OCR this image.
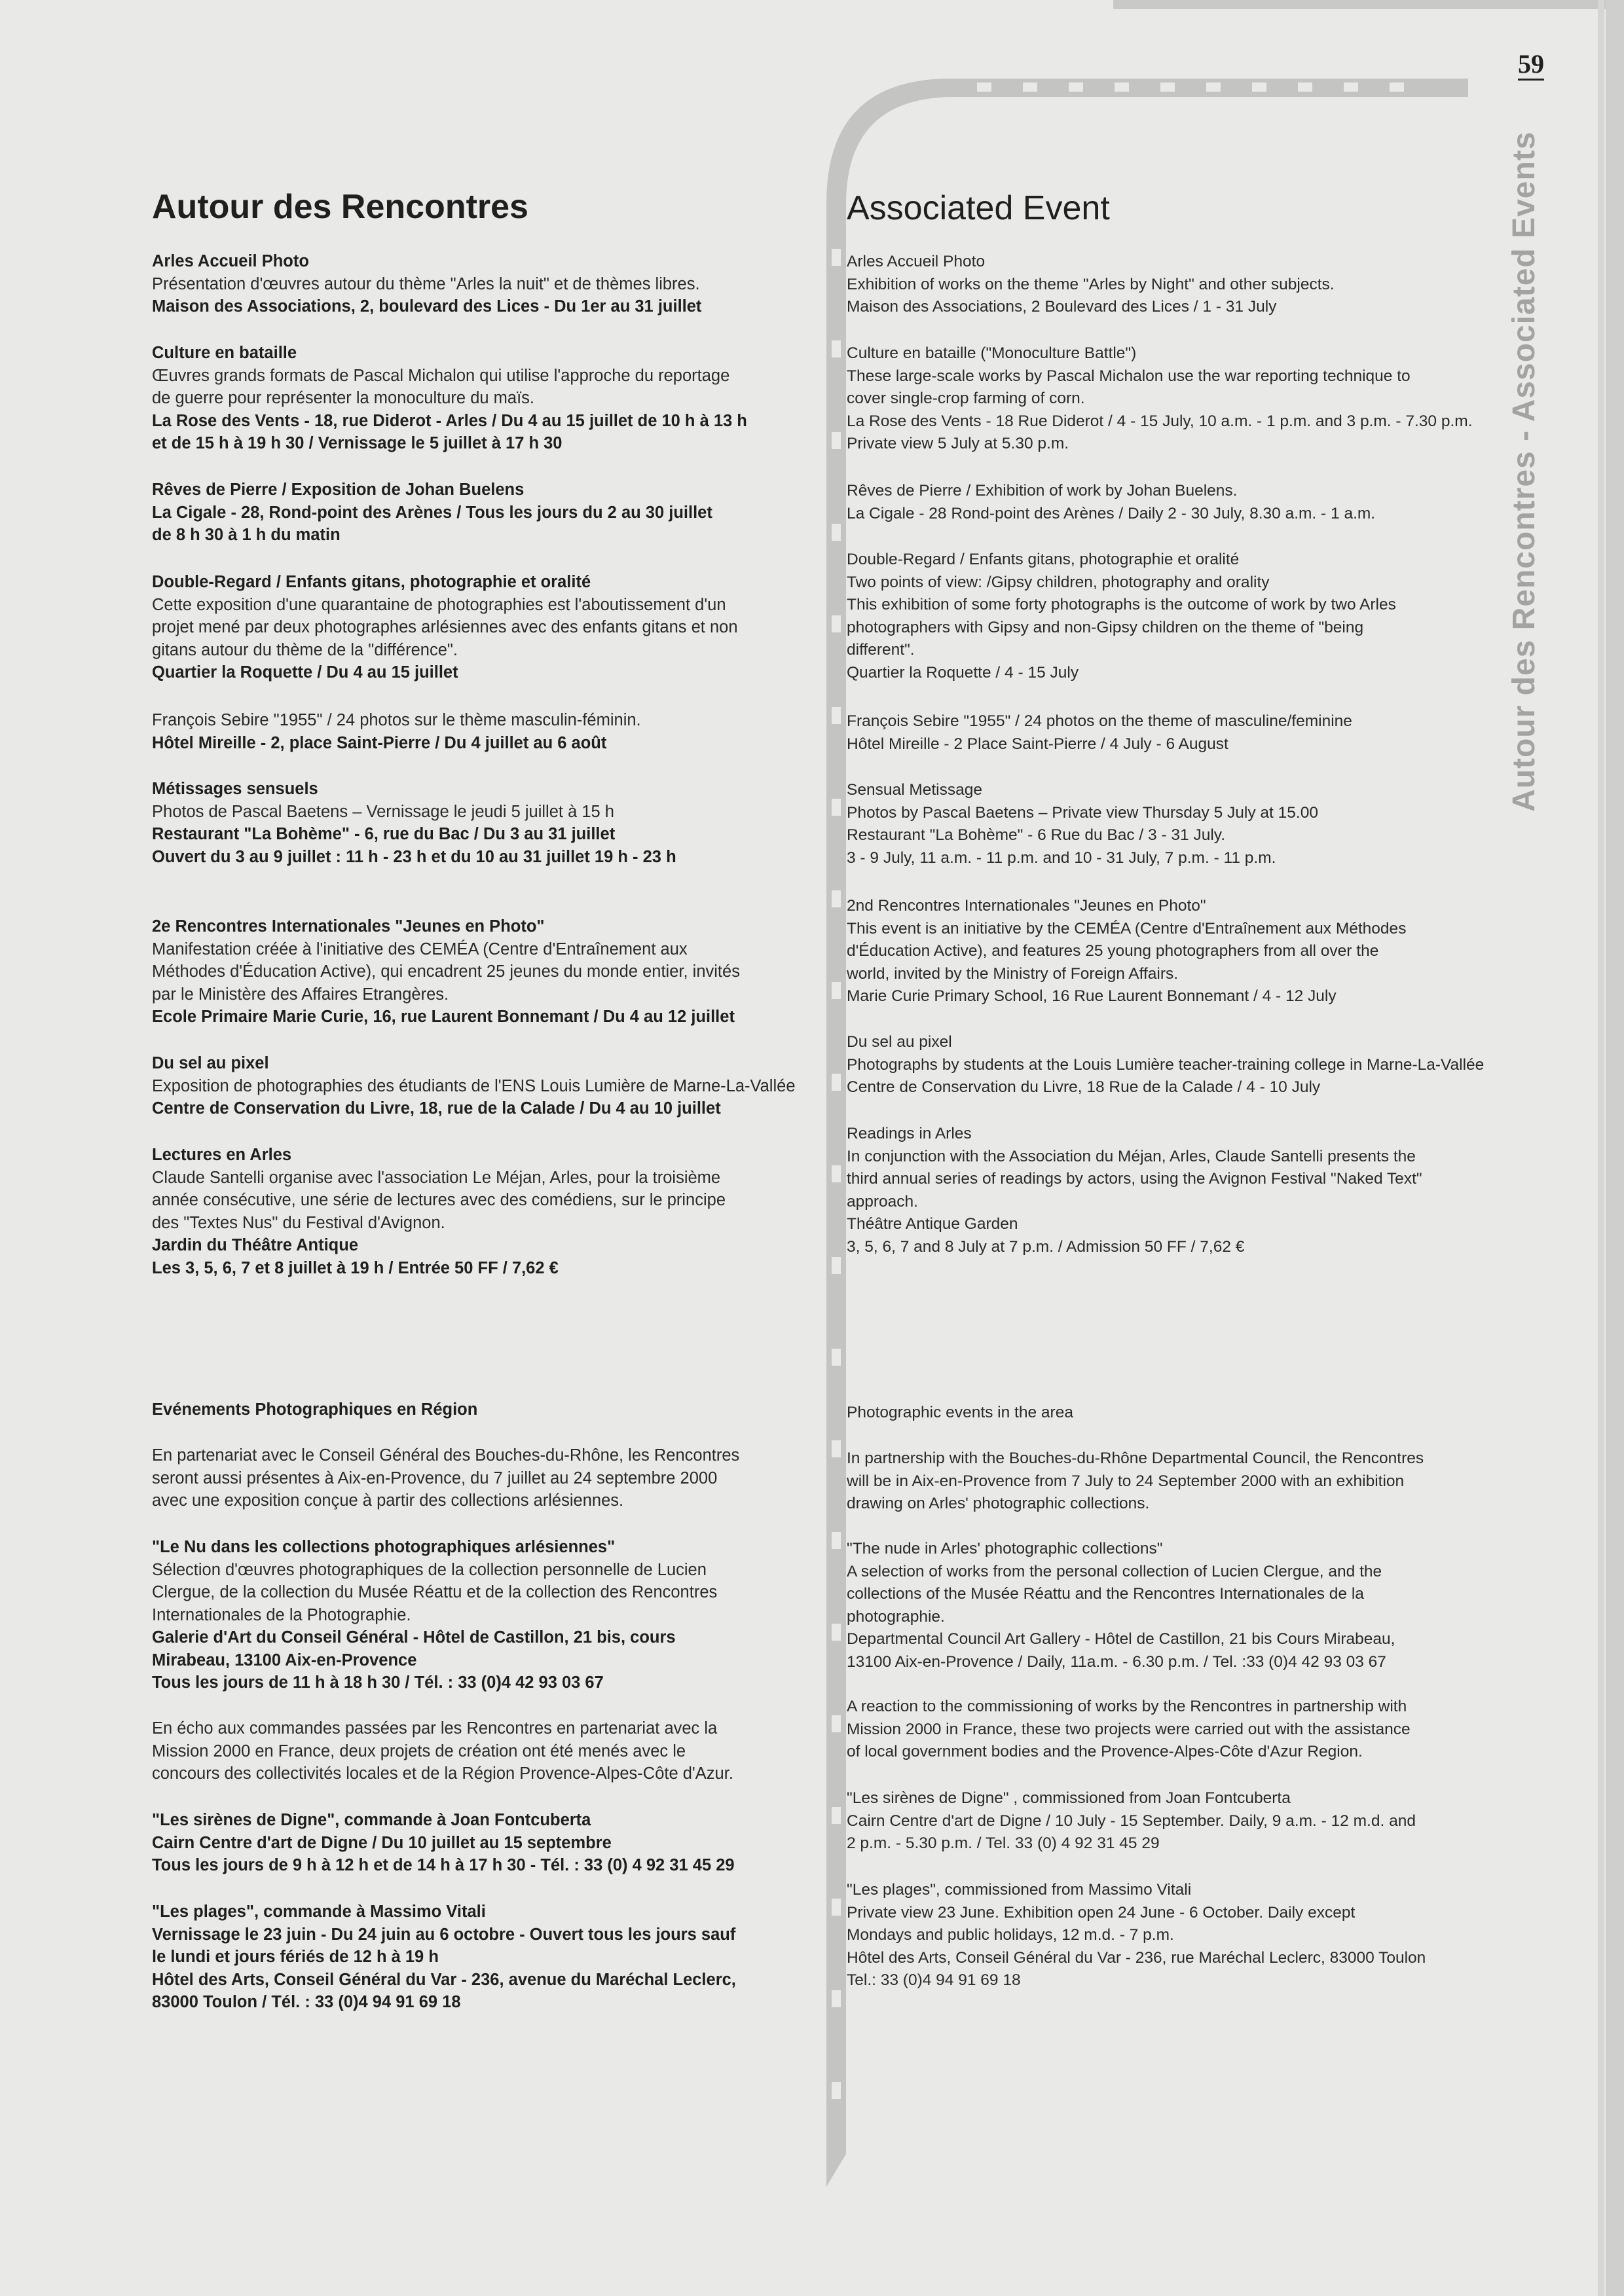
59
Autour des Rencontres - Associated Events
Autour des Rencontres
Arles Accueil Photo
Présentation d'œuvres autour du thème "Arles la nuit" et de thèmes libres.
Maison des Associations, 2, boulevard des Lices - Du 1er au 31 juillet
Culture en bataille
Œuvres grands formats de Pascal Michalon qui utilise l'approche du reportage
de guerre pour représenter la monoculture du maïs.
La Rose des Vents - 18, rue Diderot - Arles / Du 4 au 15 juillet de 10 h à 13 h
et de 15 h à 19 h 30 / Vernissage le 5 juillet à 17 h 30
Rêves de Pierre / Exposition de Johan Buelens
La Cigale - 28, Rond-point des Arènes / Tous les jours du 2 au 30 juillet
de 8 h 30 à 1 h du matin
Double-Regard / Enfants gitans, photographie et oralité
Cette exposition d'une quarantaine de photographies est l'aboutissement d'un
projet mené par deux photographes arlésiennes avec des enfants gitans et non
gitans autour du thème de la "différence".
Quartier la Roquette / Du 4 au 15 juillet
François Sebire "1955" / 24 photos sur le thème masculin-féminin.
Hôtel Mireille - 2, place Saint-Pierre / Du 4 juillet au 6 août
Métissages sensuels
Photos de Pascal Baetens – Vernissage le jeudi 5 juillet à 15 h
Restaurant "La Bohème" - 6, rue du Bac / Du 3 au 31 juillet
Ouvert du 3 au 9 juillet : 11 h - 23 h et du 10 au 31 juillet 19 h - 23 h
2e Rencontres Internationales "Jeunes en Photo"
Manifestation créée à l'initiative des CEMÉA (Centre d'Entraînement aux
Méthodes d'Éducation Active), qui encadrent 25 jeunes du monde entier, invités
par le Ministère des Affaires Etrangères.
Ecole Primaire Marie Curie, 16, rue Laurent Bonnemant / Du 4 au 12 juillet
Du sel au pixel
Exposition de photographies des étudiants de l'ENS Louis Lumière de Marne-La-Vallée
Centre de Conservation du Livre, 18, rue de la Calade / Du 4 au 10 juillet
Lectures en Arles
Claude Santelli organise avec l'association Le Méjan, Arles, pour la troisième
année consécutive, une série de lectures avec des comédiens, sur le principe
des "Textes Nus" du Festival d'Avignon.
Jardin du Théâtre Antique
Les 3, 5, 6, 7 et 8 juillet à 19 h / Entrée 50 FF / 7,62 €
Evénements Photographiques en Région
En partenariat avec le Conseil Général des Bouches-du-Rhône, les Rencontres
seront aussi présentes à Aix-en-Provence, du 7 juillet au 24 septembre 2000
avec une exposition conçue à partir des collections arlésiennes.
"Le Nu dans les collections photographiques arlésiennes"
Sélection d'œuvres photographiques de la collection personnelle de Lucien
Clergue, de la collection du Musée Réattu et de la collection des Rencontres
Internationales de la Photographie.
Galerie d'Art du Conseil Général - Hôtel de Castillon, 21 bis, cours
Mirabeau, 13100 Aix-en-Provence
Tous les jours de 11 h à 18 h 30 / Tél. : 33 (0)4 42 93 03 67
En écho aux commandes passées par les Rencontres en partenariat avec la
Mission 2000 en France, deux projets de création ont été menés avec le
concours des collectivités locales et de la Région Provence-Alpes-Côte d'Azur.
"Les sirènes de Digne", commande à Joan Fontcuberta
Cairn Centre d'art de Digne / Du 10 juillet au 15 septembre
Tous les jours de 9 h à 12 h et de 14 h à 17 h 30 - Tél. : 33 (0) 4 92 31 45 29
"Les plages", commande à Massimo Vitali
Vernissage le 23 juin - Du 24 juin au 6 octobre - Ouvert tous les jours sauf
le lundi et jours fériés de 12 h à 19 h
Hôtel des Arts, Conseil Général du Var - 236, avenue du Maréchal Leclerc,
83000 Toulon / Tél. : 33 (0)4 94 91 69 18
Associated Event
Arles Accueil Photo
Exhibition of works on the theme "Arles by Night" and other subjects.
Maison des Associations, 2 Boulevard des Lices / 1 - 31 July
Culture en bataille ("Monoculture Battle")
These large-scale works by Pascal Michalon use the war reporting technique to
cover single-crop farming of corn.
La Rose des Vents - 18 Rue Diderot / 4 - 15 July, 10 a.m. - 1 p.m. and 3 p.m. - 7.30 p.m.
Private view 5 July at 5.30 p.m.
Rêves de Pierre / Exhibition of work by Johan Buelens.
La Cigale - 28 Rond-point des Arènes / Daily 2 - 30 July, 8.30 a.m. - 1 a.m.
Double-Regard / Enfants gitans, photographie et oralité
Two points of view: /Gipsy children, photography and orality
This exhibition of some forty photographs is the outcome of work by two Arles
photographers with Gipsy and non-Gipsy children on the theme of "being
different".
Quartier la Roquette / 4 - 15 July
François Sebire "1955" / 24 photos on the theme of masculine/feminine
Hôtel Mireille - 2 Place Saint-Pierre / 4 July - 6 August
Sensual Metissage
Photos by Pascal Baetens – Private view Thursday 5 July at 15.00
Restaurant "La Bohème" - 6 Rue du Bac / 3 - 31 July.
3 - 9 July, 11 a.m. - 11 p.m. and 10 - 31 July, 7 p.m. - 11 p.m.
2nd Rencontres Internationales "Jeunes en Photo"
This event is an initiative by the CEMÉA (Centre d'Entraînement aux Méthodes
d'Éducation Active), and features 25 young photographers from all over the
world, invited by the Ministry of Foreign Affairs.
Marie Curie Primary School, 16 Rue Laurent Bonnemant / 4 - 12 July
Du sel au pixel
Photographs by students at the Louis Lumière teacher-training college in Marne-La-Vallée
Centre de Conservation du Livre, 18 Rue de la Calade / 4 - 10 July
Readings in Arles
In conjunction with the Association du Méjan, Arles, Claude Santelli presents the
third annual series of readings by actors, using the Avignon Festival "Naked Text"
approach.
Théâtre Antique Garden
3, 5, 6, 7 and 8 July at 7 p.m. / Admission 50 FF / 7,62 €
Photographic events in the area
In partnership with the Bouches-du-Rhône Departmental Council, the Rencontres
will be in Aix-en-Provence from 7 July to 24 September 2000 with an exhibition
drawing on Arles' photographic collections.
"The nude in Arles' photographic collections"
A selection of works from the personal collection of Lucien Clergue, and the
collections of the Musée Réattu and the Rencontres Internationales de la
photographie.
Departmental Council Art Gallery - Hôtel de Castillon, 21 bis Cours Mirabeau,
13100 Aix-en-Provence / Daily, 11a.m. - 6.30 p.m. / Tel. :33 (0)4 42 93 03 67
A reaction to the commissioning of works by the Rencontres in partnership with
Mission 2000 in France, these two projects were carried out with the assistance
of local government bodies and the Provence-Alpes-Côte d'Azur Region.
"Les sirènes de Digne" , commissioned from Joan Fontcuberta
Cairn Centre d'art de Digne / 10 July - 15 September. Daily, 9 a.m. - 12 m.d. and
2 p.m. - 5.30 p.m. / Tel. 33 (0) 4 92 31 45 29
"Les plages", commissioned from Massimo Vitali
Private view 23 June. Exhibition open 24 June - 6 October. Daily except
Mondays and public holidays, 12 m.d. - 7 p.m.
Hôtel des Arts, Conseil Général du Var - 236, rue Maréchal Leclerc, 83000 Toulon
Tel.: 33 (0)4 94 91 69 18
